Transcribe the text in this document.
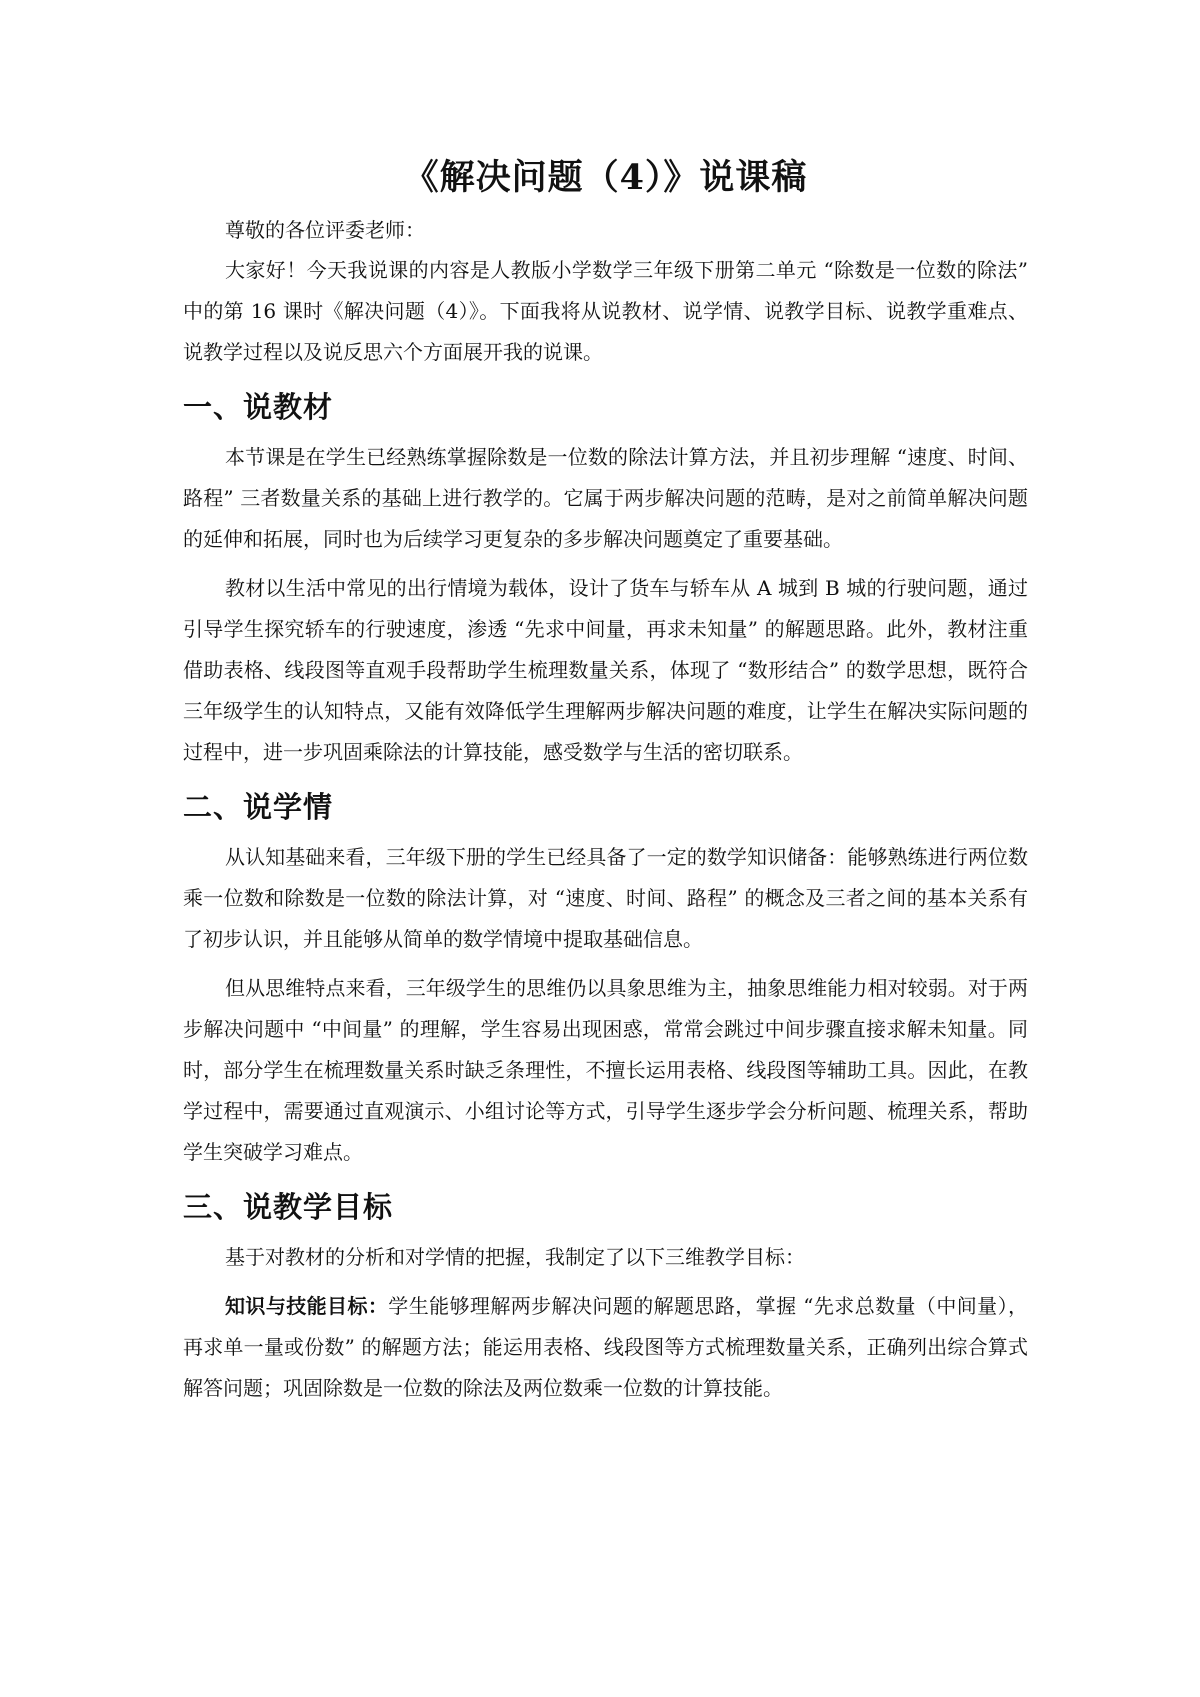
《解决问题（4）》说课稿

尊敬的各位评委老师：

大家好！今天我说课的内容是人教版小学数学三年级下册第二单元 “除数是一位数的除法” 中的第 16 课时《解决问题（4）》。下面我将从说教材、说学情、说教学目标、说教学重难点、说教学过程以及说反思六个方面展开我的说课。

一、说教材

本节课是在学生已经熟练掌握除数是一位数的除法计算方法，并且初步理解 “速度、时间、路程” 三者数量关系的基础上进行教学的。它属于两步解决问题的范畴，是对之前简单解决问题的延伸和拓展，同时也为后续学习更复杂的多步解决问题奠定了重要基础。

教材以生活中常见的出行情境为载体，设计了货车与轿车从 A 城到 B 城的行驶问题，通过引导学生探究轿车的行驶速度，渗透 “先求中间量，再求未知量” 的解题思路。此外，教材注重借助表格、线段图等直观手段帮助学生梳理数量关系，体现了 “数形结合” 的数学思想，既符合三年级学生的认知特点，又能有效降低学生理解两步解决问题的难度，让学生在解决实际问题的过程中，进一步巩固乘除法的计算技能，感受数学与生活的密切联系。

二、说学情

从认知基础来看，三年级下册的学生已经具备了一定的数学知识储备：能够熟练进行两位数乘一位数和除数是一位数的除法计算，对 “速度、时间、路程” 的概念及三者之间的基本关系有了初步认识，并且能够从简单的数学情境中提取基础信息。

但从思维特点来看，三年级学生的思维仍以具象思维为主，抽象思维能力相对较弱。对于两步解决问题中 “中间量” 的理解，学生容易出现困惑，常常会跳过中间步骤直接求解未知量。同时，部分学生在梳理数量关系时缺乏条理性，不擅长运用表格、线段图等辅助工具。因此，在教学过程中，需要通过直观演示、小组讨论等方式，引导学生逐步学会分析问题、梳理关系，帮助学生突破学习难点。

三、说教学目标

基于对教材的分析和对学情的把握，我制定了以下三维教学目标：

知识与技能目标：学生能够理解两步解决问题的解题思路，掌握 “先求总数量（中间量），再求单一量或份数” 的解题方法；能运用表格、线段图等方式梳理数量关系，正确列出综合算式解答问题；巩固除数是一位数的除法及两位数乘一位数的计算技能。
